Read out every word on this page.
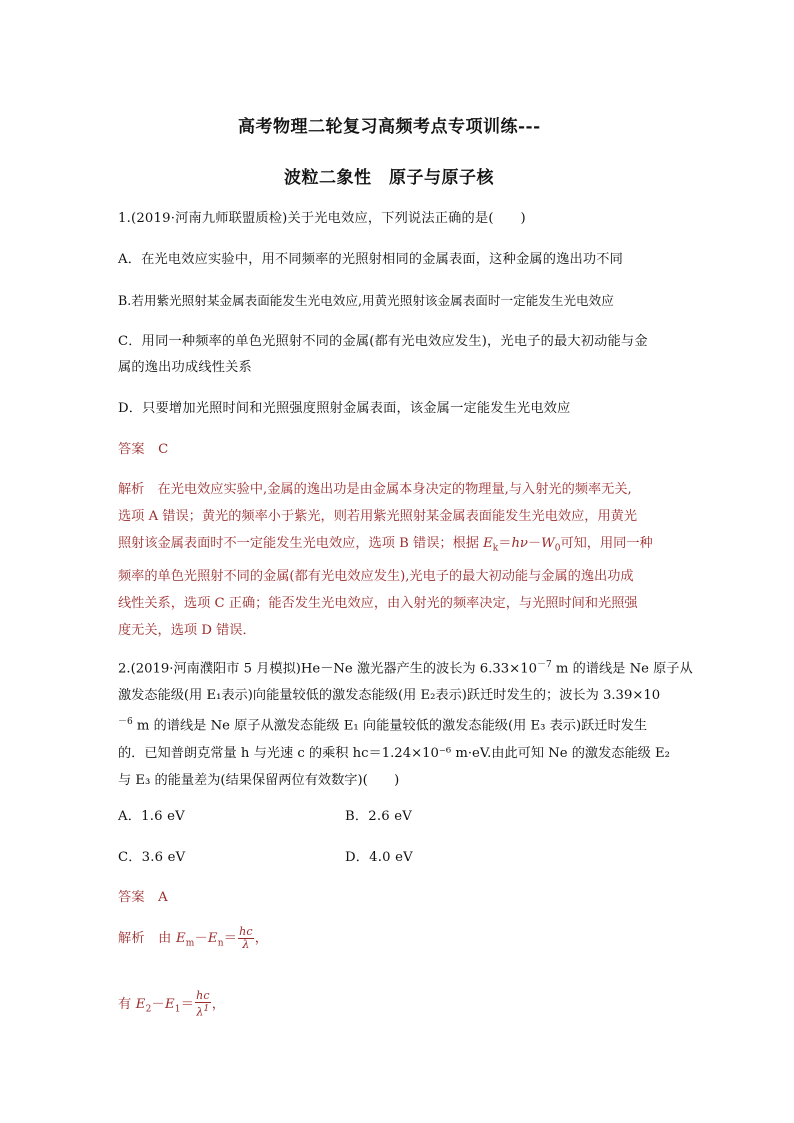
高考物理二轮复习高频考点专项训练---
波粒二象性　原子与原子核
1.(2019·河南九师联盟质检)关于光电效应，下列说法正确的是(　　)
A．在光电效应实验中，用不同频率的光照射相同的金属表面，这种金属的逸出功不同
B.若用紫光照射某金属表面能发生光电效应,用黄光照射该金属表面时一定能发生光电效应
C．用同一种频率的单色光照射不同的金属(都有光电效应发生)，光电子的最大初动能与金
属的逸出功成线性关系
D．只要增加光照时间和光照强度照射金属表面，该金属一定能发生光电效应
答案　C
解析　在光电效应实验中,金属的逸出功是由金属本身决定的物理量,与入射光的频率无关,
选项 A 错误；黄光的频率小于紫光，则若用紫光照射某金属表面能发生光电效应，用黄光
照射该金属表面时不一定能发生光电效应，选项 B 错误；根据 $E_k=h\nu-W_0$可知，用同一种
频率的单色光照射不同的金属(都有光电效应发生),光电子的最大初动能与金属的逸出功成
线性关系，选项 C 正确；能否发生光电效应，由入射光的频率决定，与光照时间和光照强
度无关，选项 D 错误．
2.(2019·河南濮阳市 5 月模拟)He－Ne 激光器产生的波长为 $6.33\times 10^{-7}$ m 的谱线是 Ne 原子从
激发态能级(用 E₁表示)向能量较低的激发态能级(用 E₂表示)跃迁时发生的；波长为 3.39×10
$^{-6}$ m 的谱线是 Ne 原子从激发态能级 E₁ 向能量较低的激发态能级(用 E₃ 表示)跃迁时发生
的．已知普朗克常量 h 与光速 c 的乘积 hc＝1.24×10⁻⁶ m·eV.由此可知 Ne 的激发态能级 E₂
与 E₃ 的能量差为(结果保留两位有效数字)(　　)
A．1.6 eV	B．2.6 eV
C．3.6 eV	D．4.0 eV
答案　A
解析　由 $E_m-E_n= \frac{hc}{\lambda}$ ，
有 $E_2-E_1= \frac{hc}{\lambda^1}$ ，
